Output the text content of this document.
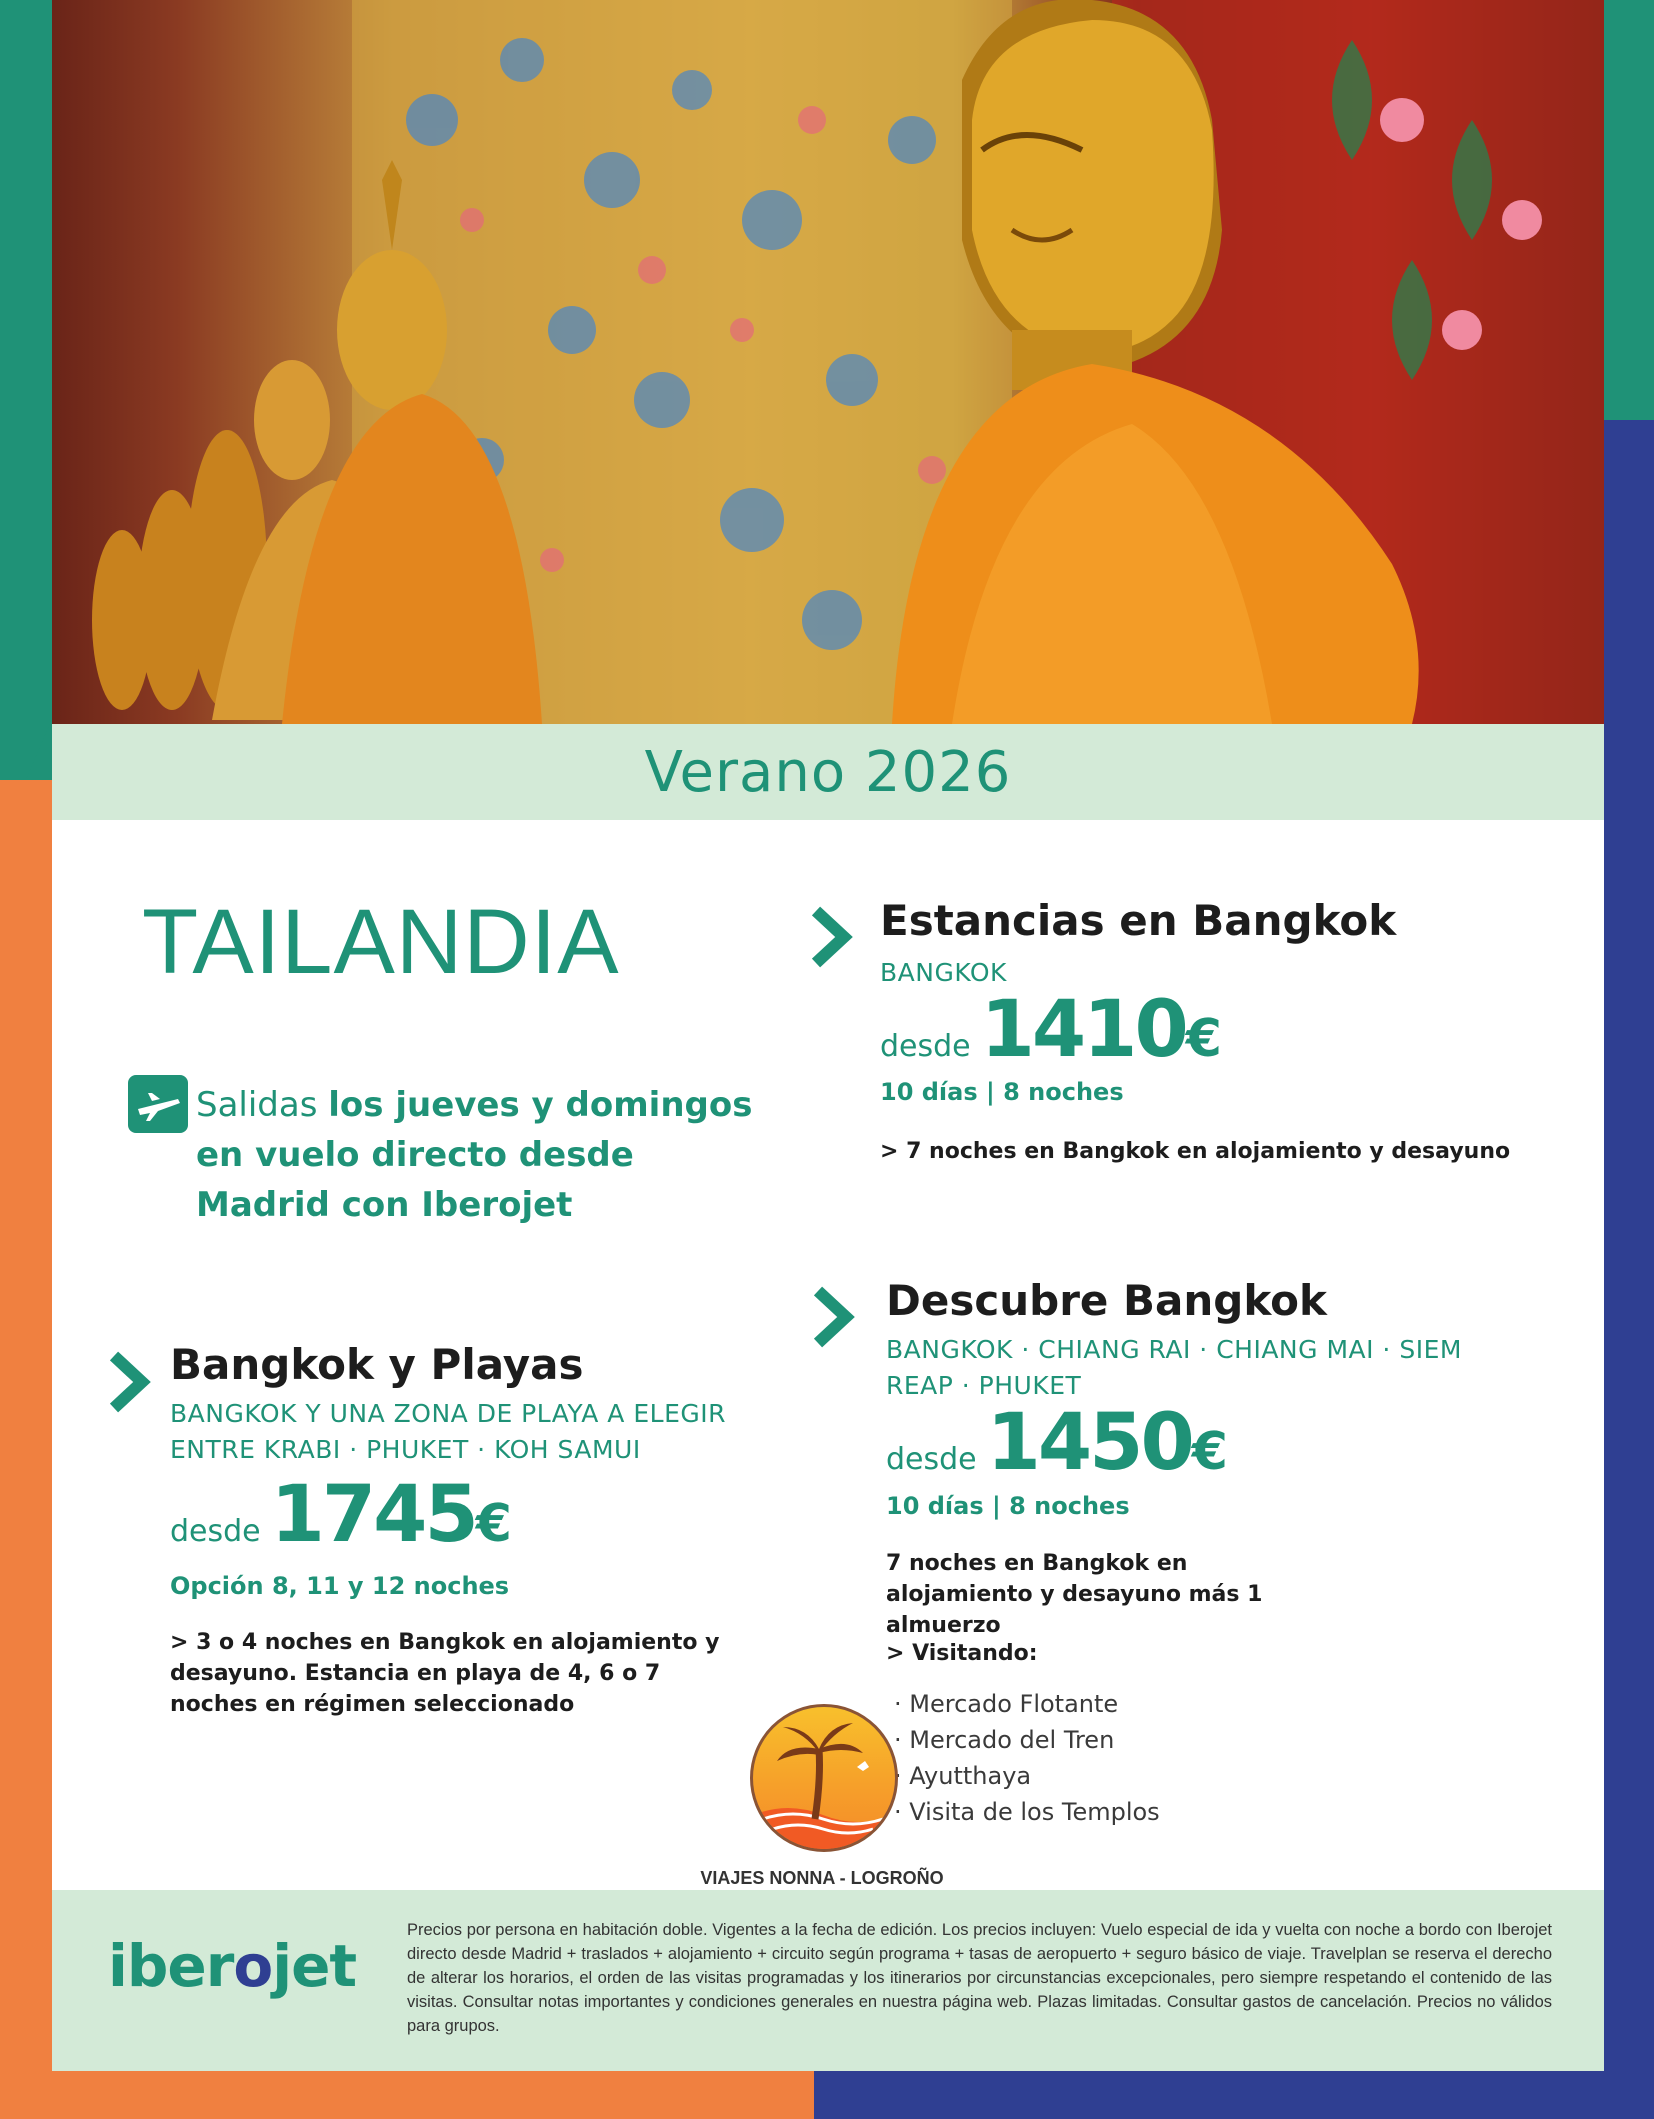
Verano 2026
TAILANDIA
Salidas los jueves y domingos en vuelo directo desde Madrid con Iberojet
Estancias en Bangkok
BANGKOK
desde 1410 €
10 días | 8 noches
> 7 noches en Bangkok en alojamiento y desayuno
Bangkok y Playas
BANGKOK Y UNA ZONA DE PLAYA A ELEGIR ENTRE KRABI · PHUKET · KOH SAMUI
desde 1745 €
Opción 8, 11 y 12 noches
> 3 o 4 noches en Bangkok en alojamiento y desayuno. Estancia en playa de 4, 6 o 7 noches en régimen seleccionado
Descubre Bangkok
BANGKOK · CHIANG RAI · CHIANG MAI · SIEM REAP · PHUKET
desde 1450 €
10 días | 8 noches
7 noches en Bangkok en alojamiento y desayuno más 1 almuerzo
> Visitando:
· Mercado Flotante
· Mercado del Tren
· Ayutthaya
· Visita de los Templos
VIAJES NONNA - LOGROÑO
iberojet
Precios por persona en habitación doble. Vigentes a la fecha de edición. Los precios incluyen: Vuelo especial de ida y vuelta con noche a bordo con Iberojet directo desde Madrid + traslados + alojamiento + circuito según programa + tasas de aeropuerto + seguro básico de viaje. Travelplan se reserva el derecho de alterar los horarios, el orden de las visitas programadas y los itinerarios por circunstancias excepcionales, pero siempre respetando el contenido de las visitas. Consultar notas importantes y condiciones generales en nuestra página web. Plazas limitadas. Consultar gastos de cancelación. Precios no válidos para grupos.
